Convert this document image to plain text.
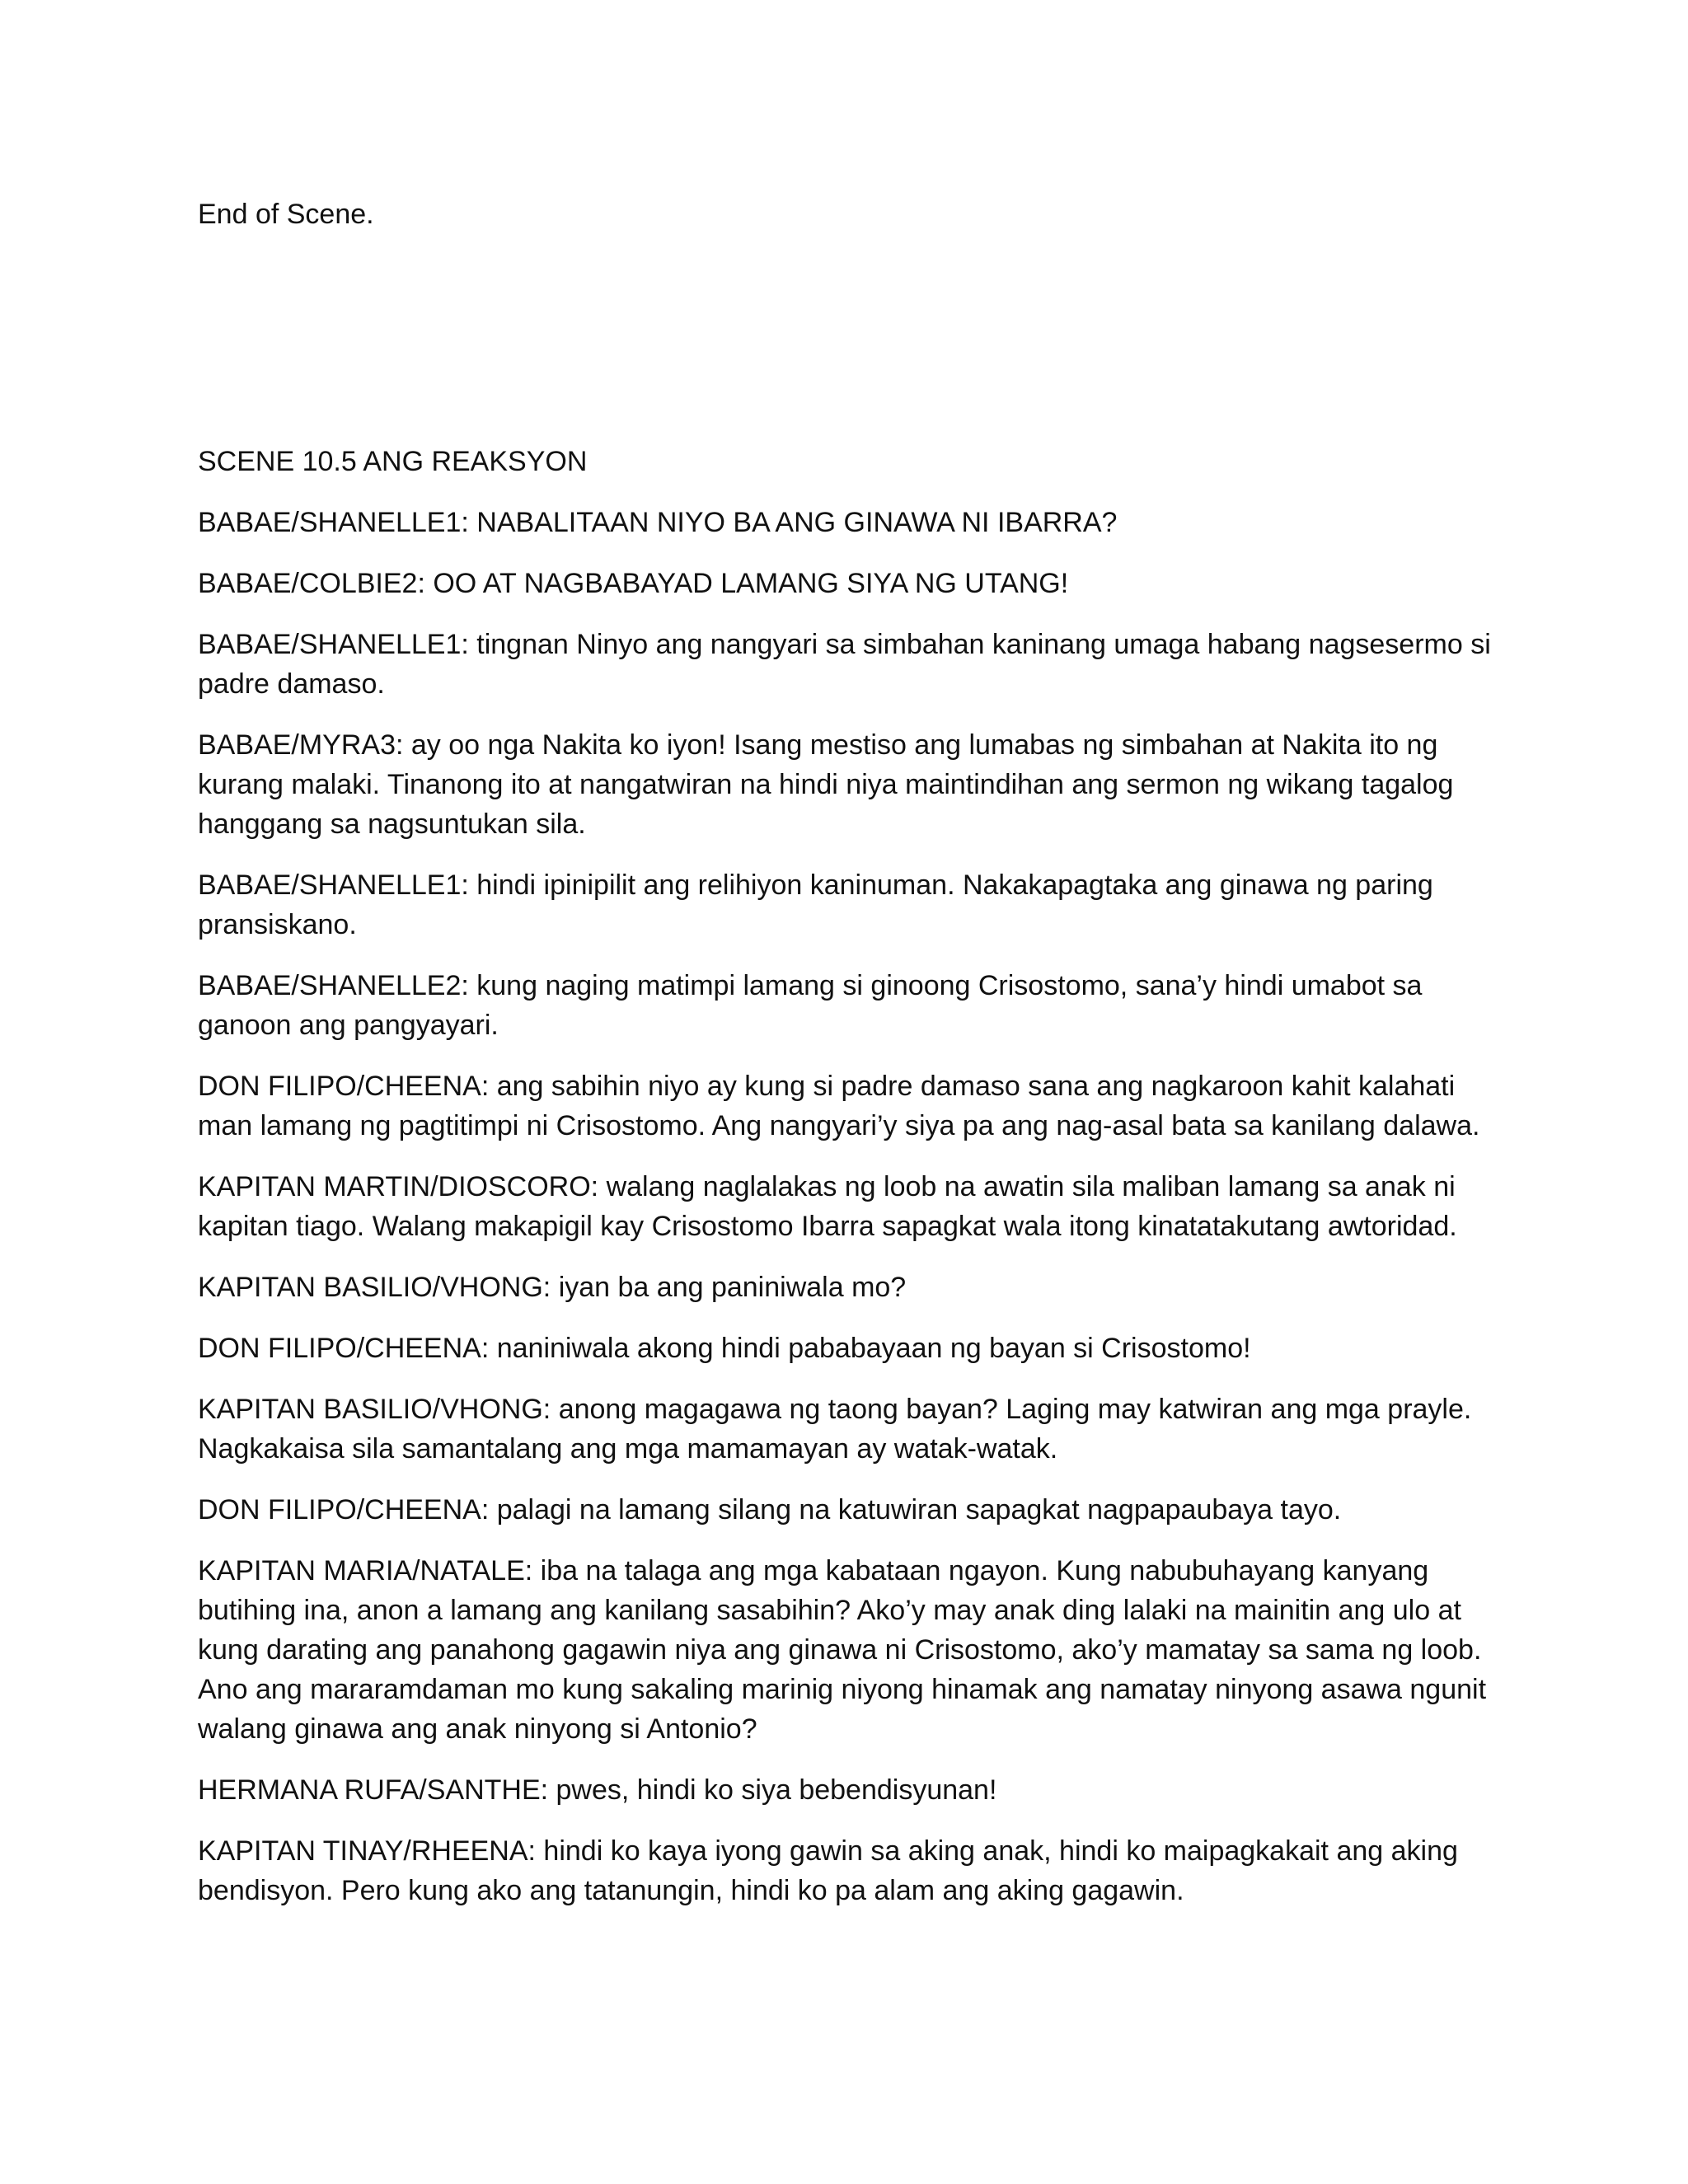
End of Scene.

SCENE 10.5 ANG REAKSYON

BABAE/SHANELLE1: NABALITAAN NIYO BA ANG GINAWA NI IBARRA?

BABAE/COLBIE2: OO AT NAGBABAYAD LAMANG SIYA NG UTANG!

BABAE/SHANELLE1: tingnan Ninyo ang nangyari sa simbahan kaninang umaga habang nagsesermo si padre damaso.

BABAE/MYRA3: ay oo nga Nakita ko iyon! Isang mestiso ang lumabas ng simbahan at Nakita ito ng kurang malaki. Tinanong ito at nangatwiran na hindi niya maintindihan ang sermon ng wikang tagalog hanggang sa nagsuntukan sila.

BABAE/SHANELLE1: hindi ipinipilit ang relihiyon kaninuman. Nakakapagtaka ang ginawa ng paring pransiskano.

BABAE/SHANELLE2: kung naging matimpi lamang si ginoong Crisostomo, sana’y hindi umabot sa ganoon ang pangyayari.

DON FILIPO/CHEENA: ang sabihin niyo ay kung si padre damaso sana ang nagkaroon kahit kalahati man lamang ng pagtitimpi ni Crisostomo. Ang nangyari’y siya pa ang nag-asal bata sa kanilang dalawa.

KAPITAN MARTIN/DIOSCORO: walang naglalakas ng loob na awatin sila maliban lamang sa anak ni kapitan tiago. Walang makapigil kay Crisostomo Ibarra sapagkat wala itong kinatatakutang awtoridad.

KAPITAN BASILIO/VHONG: iyan ba ang paniniwala mo?

DON FILIPO/CHEENA: naniniwala akong hindi pababayaan ng bayan si Crisostomo!

KAPITAN BASILIO/VHONG: anong magagawa ng taong bayan? Laging may katwiran ang mga prayle. Nagkakaisa sila samantalang ang mga mamamayan ay watak-watak.

DON FILIPO/CHEENA: palagi na lamang silang na katuwiran sapagkat nagpapaubaya tayo.

KAPITAN MARIA/NATALE: iba na talaga ang mga kabataan ngayon. Kung nabubuhayang kanyang butihing ina, anon a lamang ang kanilang sasabihin? Ako’y may anak ding lalaki na mainitin ang ulo at kung darating ang panahong gagawin niya ang ginawa ni Crisostomo, ako’y mamatay sa sama ng loob. Ano ang mararamdaman mo kung sakaling marinig niyong hinamak ang namatay ninyong asawa ngunit walang ginawa ang anak ninyong si Antonio?

HERMANA RUFA/SANTHE: pwes, hindi ko siya bebendisyunan!

KAPITAN TINAY/RHEENA: hindi ko kaya iyong gawin sa aking anak, hindi ko maipagkakait ang aking bendisyon. Pero kung ako ang tatanungin, hindi ko pa alam ang aking gagawin.
